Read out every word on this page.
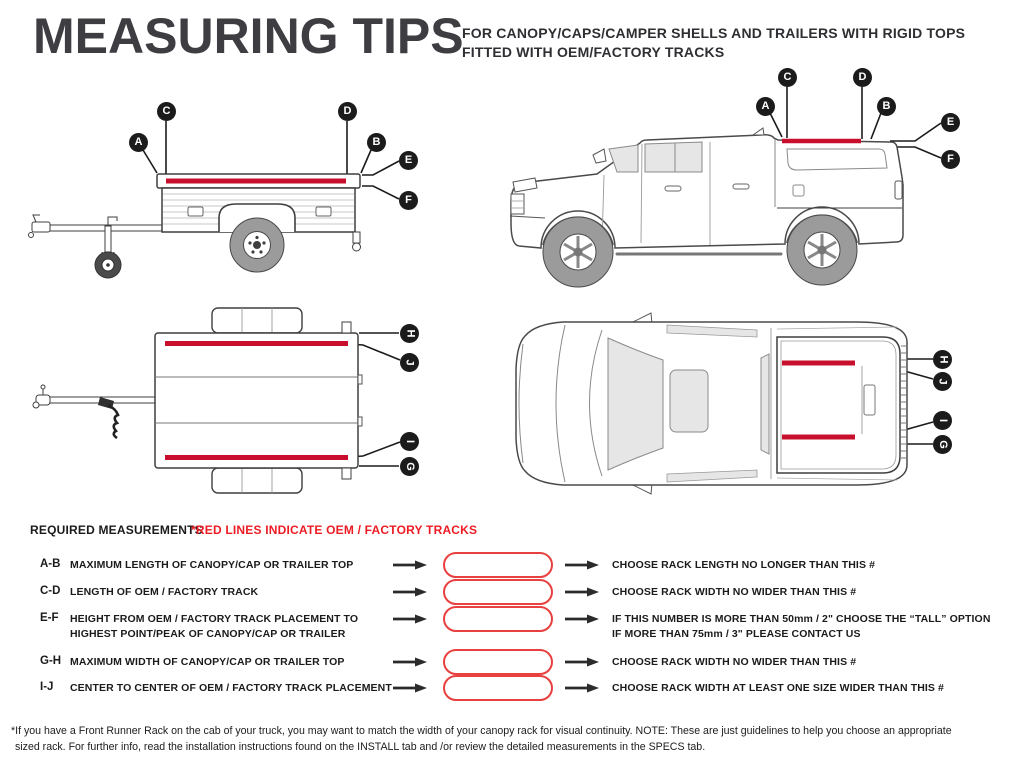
MEASURING TIPS
FOR CANOPY/CAPS/CAMPER SHELLS AND TRAILERS WITH RIGID TOPS
FITTED WITH OEM/FACTORY TRACKS
A
C	D
B
E
F
A
C	D
B
E
F
H
J
I
G
H
J
I
G
REQUIRED MEASUREMENTS
*RED LINES INDICATE OEM / FACTORY TRACKS
A-B MAXIMUM LENGTH OF CANOPY/CAP OR TRAILER TOP	CHOOSE RACK LENGTH NO LONGER THAN THIS #
C-D LENGTH OF OEM / FACTORY TRACK	CHOOSE RACK WIDTH NO WIDER THAN THIS #
E-F	HEIGHT FROM OEM / FACTORY TRACK PLACEMENT TO
HIGHEST POINT/PEAK OF CANOPY/CAP OR TRAILER
IF THIS NUMBER IS MORE THAN 50mm / 2" CHOOSE THE “TALL” OPTION
IF MORE THAN 75mm / 3" PLEASE CONTACT US
G-H MAXIMUM WIDTH OF CANOPY/CAP OR TRAILER TOP	CHOOSE RACK WIDTH NO WIDER THAN THIS #
I-J	CENTER TO CENTER OF OEM / FACTORY TRACK PLACEMENT	CHOOSE RACK WIDTH AT LEAST ONE SIZE WIDER THAN THIS #
*If you have a Front Runner Rack on the cab of your truck, you may want to match the width of your canopy rack for visual continuity. NOTE: These are just guidelines to help you choose an appropriate
sized rack. For further info, read the installation instructions found on the INSTALL tab and /or review the detailed measurements in the SPECS tab.
